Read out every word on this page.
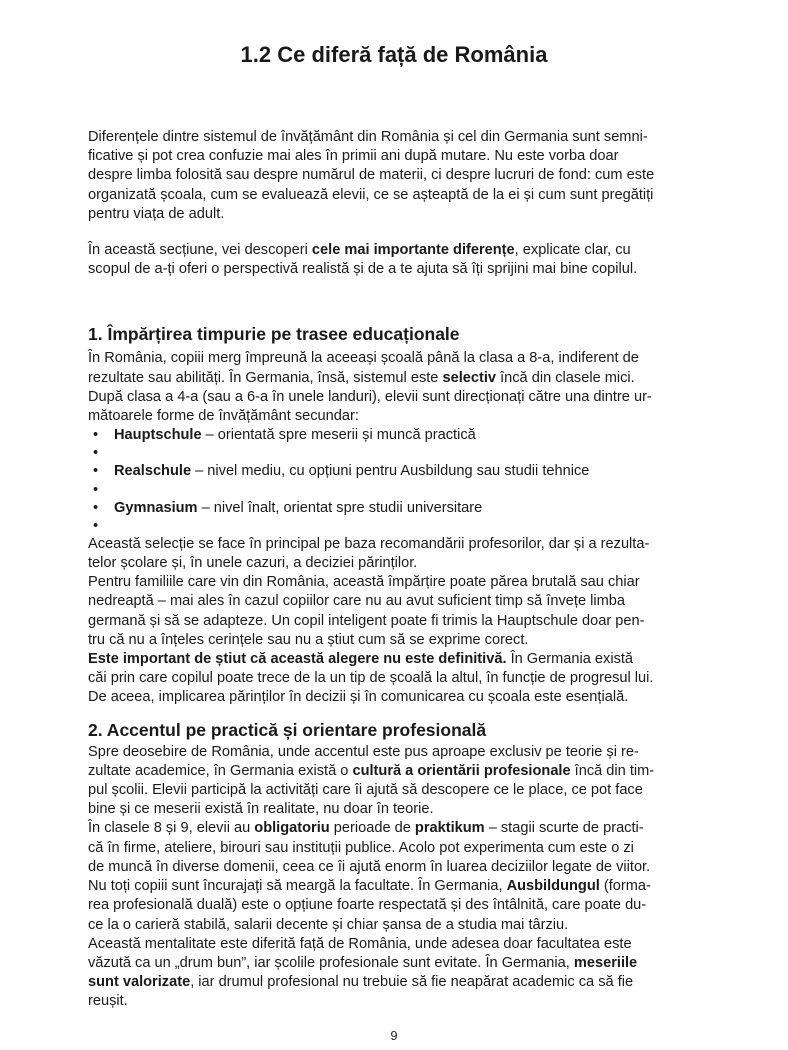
1.2 Ce diferă față de România

Diferențele dintre sistemul de învățământ din România și cel din Germania sunt semni-
ficative și pot crea confuzie mai ales în primii ani după mutare. Nu este vorba doar
despre limba folosită sau despre numărul de materii, ci despre lucruri de fond: cum este
organizată școala, cum se evaluează elevii, ce se așteaptă de la ei și cum sunt pregătiți
pentru viața de adult.

În această secțiune, vei descoperi cele mai importante diferențe, explicate clar, cu
scopul de a-ți oferi o perspectivă realistă și de a te ajuta să îți sprijini mai bine copilul.

1. Împărțirea timpurie pe trasee educaționale

În România, copiii merg împreună la aceeași școală până la clasa a 8-a, indiferent de
rezultate sau abilități. În Germania, însă, sistemul este selectiv încă din clasele mici.
După clasa a 4-a (sau a 6-a în unele landuri), elevii sunt direcționați către una dintre ur-
mătoarele forme de învățământ secundar:

•	Hauptschule – orientată spre meserii și muncă practică
•
•	Realschule – nivel mediu, cu opțiuni pentru Ausbildung sau studii tehnice
•
•	Gymnasium – nivel înalt, orientat spre studii universitare
•

Această selecție se face în principal pe baza recomandării profesorilor, dar și a rezulta-
telor școlare și, în unele cazuri, a deciziei părinților.
Pentru familiile care vin din România, această împărțire poate părea brutală sau chiar
nedreaptă – mai ales în cazul copiilor care nu au avut suficient timp să învețe limba
germană și să se adapteze. Un copil inteligent poate fi trimis la Hauptschule doar pen-
tru că nu a înțeles cerințele sau nu a știut cum să se exprime corect.
Este important de știut că această alegere nu este definitivă. În Germania există
căi prin care copilul poate trece de la un tip de școală la altul, în funcție de progresul lui.
De aceea, implicarea părinților în decizii și în comunicarea cu școala este esențială.

2. Accentul pe practică și orientare profesională

Spre deosebire de România, unde accentul este pus aproape exclusiv pe teorie și re-
zultate academice, în Germania există o cultură a orientării profesionale încă din tim-
pul școlii. Elevii participă la activități care îi ajută să descopere ce le place, ce pot face
bine și ce meserii există în realitate, nu doar în teorie.
În clasele 8 și 9, elevii au obligatoriu perioade de praktikum – stagii scurte de practi-
că în firme, ateliere, birouri sau instituții publice. Acolo pot experimenta cum este o zi
de muncă în diverse domenii, ceea ce îi ajută enorm în luarea deciziilor legate de viitor.
Nu toți copiii sunt încurajați să meargă la facultate. În Germania, Ausbildungul (forma-
rea profesională duală) este o opțiune foarte respectată și des întâlnită, care poate du-
ce la o carieră stabilă, salarii decente și chiar șansa de a studia mai târziu.
Această mentalitate este diferită față de România, unde adesea doar facultatea este
văzută ca un „drum bun”, iar școlile profesionale sunt evitate. În Germania, meseriile
sunt valorizate, iar drumul profesional nu trebuie să fie neapărat academic ca să fie
reușit.

9
